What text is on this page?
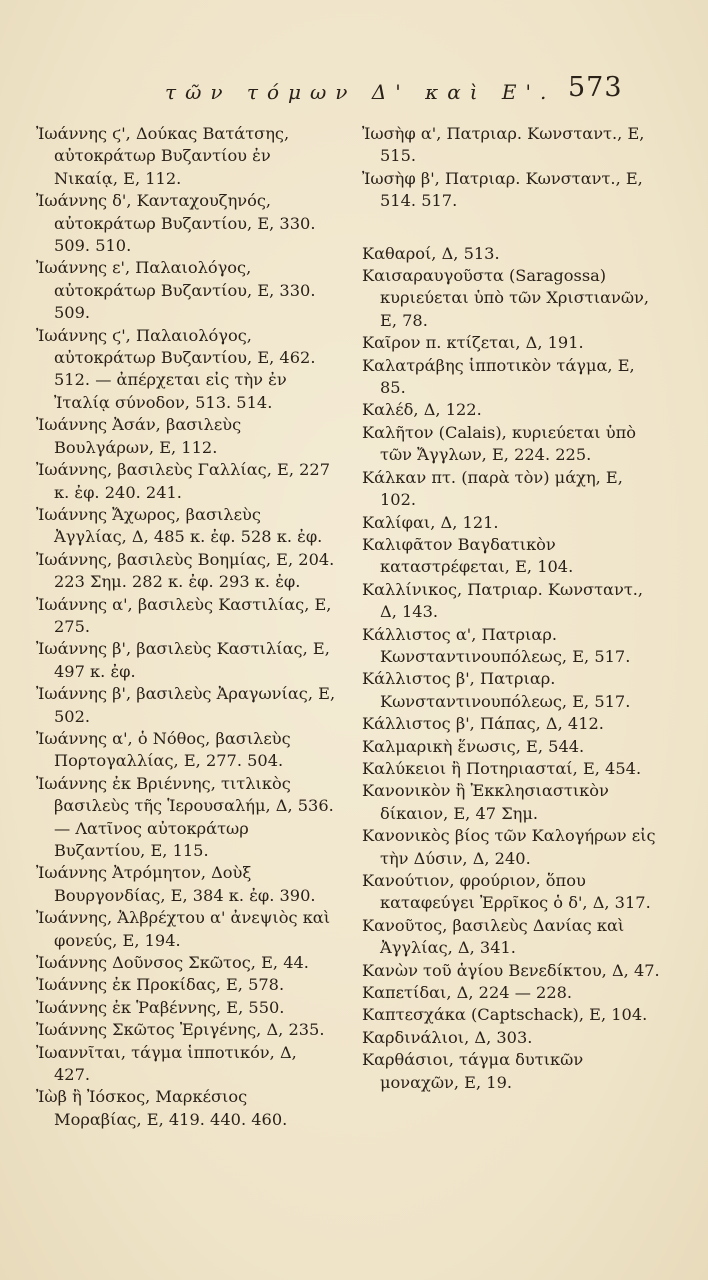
τῶν τόμων Δ' καὶ Ε'. 573

Ἰωάννης ϛ', Δούκας Βατάτσης, αὐτοκράτωρ Βυζαντίου ἐν Νικαίᾳ, Ε, 112.

Ἰωάννης δ', Κανταχουζηνός, αὐτοκράτωρ Βυζαντίου, Ε, 330. 509. 510.

Ἰωάννης ε', Παλαιολόγος, αὐτοκράτωρ Βυζαντίου, Ε, 330. 509.

Ἰωάννης ϛ', Παλαιολόγος, αὐτοκράτωρ Βυζαντίου, Ε, 462. 512. — ἀπέρχεται εἰς τὴν ἐν Ἰταλίᾳ σύνοδον, 513. 514.

Ἰωάννης Ἀσάν, βασιλεὺς Βουλγάρων, Ε, 112.

Ἰωάννης, βασιλεὺς Γαλλίας, Ε, 227 κ. ἐφ. 240. 241.

Ἰωάννης Ἄχωρος, βασιλεὺς Ἀγγλίας, Δ, 485 κ. ἐφ. 528 κ. ἐφ.

Ἰωάννης, βασιλεὺς Βοημίας, Ε, 204. 223 Σημ. 282 κ. ἐφ. 293 κ. ἐφ.

Ἰωάννης α', βασιλεὺς Καστιλίας, Ε, 275.

Ἰωάννης β', βασιλεὺς Καστιλίας, Ε, 497 κ. ἐφ.

Ἰωάννης β', βασιλεὺς Ἀραγωνίας, Ε, 502.

Ἰωάννης α', ὁ Νόθος, βασιλεὺς Πορτογαλλίας, Ε, 277. 504.

Ἰωάννης ἐκ Βριέννης, τιτλικὸς βασιλεὺς τῆς Ἱερουσαλήμ, Δ, 536. — Λατῖνος αὐτοκράτωρ Βυζαντίου, Ε, 115.

Ἰωάννης Ἀτρόμητον, Δοὺξ Βουργονδίας, Ε, 384 κ. ἐφ. 390.

Ἰωάννης, Ἀλβρέχτου α' ἀνεψιὸς καὶ φονεύς, Ε, 194.

Ἰωάννης Δοῦνσος Σκῶτος, Ε, 44.

Ἰωάννης ἐκ Προκίδας, Ε, 578.

Ἰωάννης ἐκ Ῥαβέννης, Ε, 550.

Ἰωάννης Σκῶτος Ἐριγένης, Δ, 235.

Ἰωαννῖται, τάγμα ἱππoτικόν, Δ, 427.

Ἰὼβ ἢ Ἰόσκος, Μαρκέσιος Μοραβίας, Ε, 419. 440. 460.

Ἰωσὴφ α', Πατριαρ. Κωνσταντ., Ε, 515.

Ἰωσὴφ β', Πατριαρ. Κωνσταντ., Ε, 514. 517.

Καθαροί, Δ, 513.

Καισαραυγοῦστα (Saragossa) κυριεύεται ὑπὸ τῶν Χριστιανῶν, Ε, 78.

Καῖρον π. κτίζεται, Δ, 191.

Καλατράβης ἱππoτικὸν τάγμα, Ε, 85.

Καλέδ, Δ, 122.

Καλῆτον (Calais), κυριεύεται ὑπὸ τῶν Ἄγγλων, Ε, 224. 225.

Κάλκαν πτ. (παρὰ τὸν) μάχη, Ε, 102.

Καλίφαι, Δ, 121.

Καλιφᾶτον Βαγδατικὸν καταστρέφεται, Ε, 104.

Καλλίνικος, Πατριαρ. Κωνσταντ., Δ, 143.

Κάλλιστος α', Πατριαρ. Κωνσταντινουπόλεως, Ε, 517.

Κάλλιστος β', Πατριαρ. Κωνσταντινουπόλεως, Ε, 517.

Κάλλιστος β', Πάπας, Δ, 412.

Καλμαρικὴ ἕνωσις, Ε, 544.

Καλύκειοι ἢ Ποτηριασταί, Ε, 454.

Κανονικὸν ἢ Ἐκκλησιαστικὸν δίκαιον, Ε, 47 Σημ.

Κανονικὸς βίος τῶν Καλογήρων εἰς τὴν Δύσιν, Δ, 240.

Κανούτιον, φρούριον, ὅπου καταφεύγει Ἐρρῖκος ὁ δ', Δ, 317.

Κανοῦτος, βασιλεὺς Δανίας καὶ Ἀγγλίας, Δ, 341.

Κανὼν τοῦ ἁγίου Βενεδίκτου, Δ, 47.

Καπετίδαι, Δ, 224 — 228.

Καπτεσχάκα (Captschack), Ε, 104.

Καρδινάλιοι, Δ, 303.

Καρθάσιοι, τάγμα δυτικῶν μοναχῶν, Ε, 19.
